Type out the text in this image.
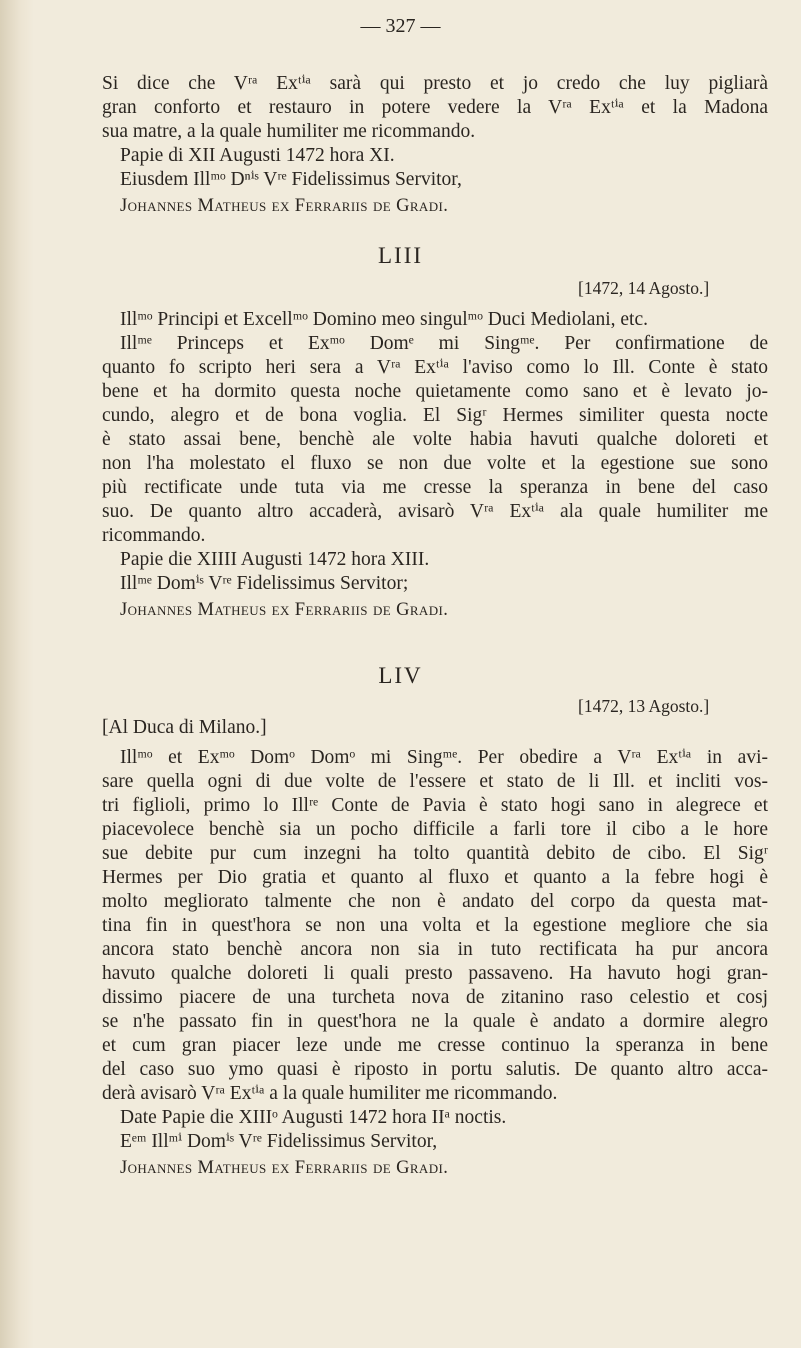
— 327 —
Si dice che Vʳᵃ Exᵗⁱᵃ sarà qui presto et jo credo che luy pigliarà
gran conforto et restauro in potere vedere la Vʳᵃ Exᵗⁱᵃ et la Madona
sua matre, a la quale humiliter me ricommando.
Papie di XII Augusti 1472 hora XI.
Eiusdem Illᵐᵒ Dⁿⁱˢ Vʳᵉ Fidelissimus Servitor,
Johannes Matheus ex Ferrariis de Gradi.
LIII
[1472, 14 Agosto.]
Illᵐᵒ Principi et Excellᵐᵒ Domino meo singulᵐᵒ Duci Mediolani, etc.
Illᵐᵉ Princeps et Exᵐᵒ Domᵉ mi Singᵐᵉ. Per confirmatione de
quanto fo scripto heri sera a Vʳᵃ Exᵗⁱᵃ l'aviso como lo Ill. Conte è stato
bene et ha dormito questa noche quietamente como sano et è levato jo-
cundo, alegro et de bona voglia. El Sigʳ Hermes similiter questa nocte
è stato assai bene, benchè ale volte habia havuti qualche doloreti et
non l'ha molestato el fluxo se non due volte et la egestione sue sono
più rectificate unde tuta via me cresse la speranza in bene del caso
suo. De quanto altro accaderà, avisarò Vʳᵃ Exᵗⁱᵃ ala quale humiliter me
ricommando.
Papie die XIIII Augusti 1472 hora XIII.
Illᵐᵉ Domⁱˢ Vʳᵉ Fidelissimus Servitor;
Johannes Matheus ex Ferrariis de Gradi.
LIV
[1472, 13 Agosto.]
[Al Duca di Milano.]
Illᵐᵒ et Exᵐᵒ Domᵒ Domᵒ mi Singᵐᵉ. Per obedire a Vʳᵃ Exᵗⁱᵃ in avi-
sare quella ogni di due volte de l'essere et stato de li Ill. et incliti vos-
tri figlioli, primo lo Illʳᵉ Conte de Pavia è stato hogi sano in alegrece et
piacevolece benchè sia un pocho difficile a farli tore il cibo a le hore
sue debite pur cum inzegni ha tolto quantità debito de cibo. El Sigʳ
Hermes per Dio gratia et quanto al fluxo et quanto a la febre hogi è
molto megliorato talmente che non è andato del corpo da questa mat-
tina fin in quest'hora se non una volta et la egestione megliore che sia
ancora stato benchè ancora non sia in tuto rectificata ha pur ancora
havuto qualche doloreti li quali presto passaveno. Ha havuto hogi gran-
dissimo piacere de una turcheta nova de zitanino raso celestio et cosj
se n'he passato fin in quest'hora ne la quale è andato a dormire alegro
et cum gran piacer leze unde me cresse continuo la speranza in bene
del caso suo ymo quasi è riposto in portu salutis. De quanto altro acca-
derà avisarò Vʳᵃ Exᵗⁱᵃ a la quale humiliter me ricommando.
Date Papie die XIIIᵒ Augusti 1472 hora IIᵃ noctis.
Eᵉᵐ Illᵐⁱ Domⁱˢ Vʳᵉ Fidelissimus Servitor,
Johannes Matheus ex Ferrariis de Gradi.
